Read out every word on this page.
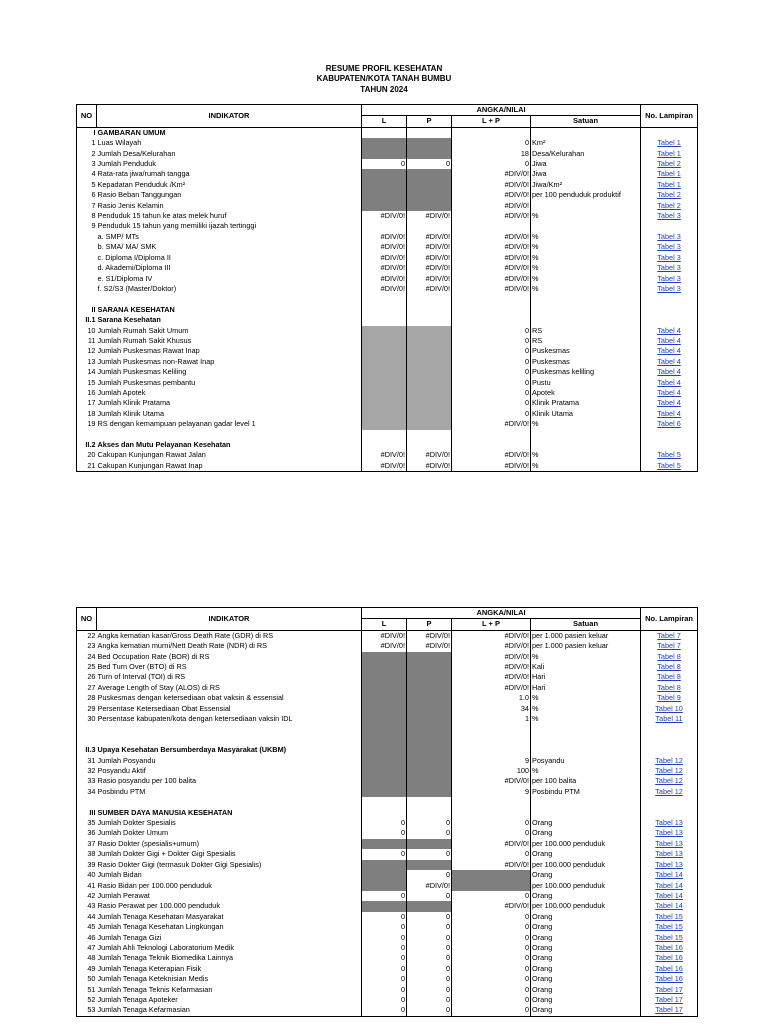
RESUME PROFIL KESEHATAN
KABUPATEN/KOTA TANAH BUMBU
TAHUN 2024
NO	INDIKATOR	ANGKA/NILAI				No. Lampiran
		L	P	L + P	Satuan	
I	GAMBARAN UMUM					
1	Luas Wilayah			0	Km²	Tabel 1
2	Jumlah Desa/Kelurahan			18	Desa/Kelurahan	Tabel 1
3	Jumlah Penduduk	0	0	0	Jiwa	Tabel 2
4	Rata-rata jiwa/rumah tangga			#DIV/0!	Jiwa	Tabel 1
5	Kepadatan Penduduk /Km²			#DIV/0!	Jiwa/Km²	Tabel 1
6	Rasio Beban Tanggungan			#DIV/0!	per 100 penduduk produktif	Tabel 2
7	Rasio Jenis Kelamin			#DIV/0!		Tabel 2
8	Penduduk 15 tahun ke atas melek huruf	#DIV/0!	#DIV/0!	#DIV/0!	%	Tabel 3
9	Penduduk 15 tahun yang memiliki ijazah tertinggi					
	a. SMP/ MTs	#DIV/0!	#DIV/0!	#DIV/0!	%	Tabel 3
	b. SMA/ MA/ SMK	#DIV/0!	#DIV/0!	#DIV/0!	%	Tabel 3
	c. Diploma I/Diploma II	#DIV/0!	#DIV/0!	#DIV/0!	%	Tabel 3
	d. Akademi/Diploma III	#DIV/0!	#DIV/0!	#DIV/0!	%	Tabel 3
	e. S1/Diploma IV	#DIV/0!	#DIV/0!	#DIV/0!	%	Tabel 3
	f. S2/S3 (Master/Doktor)	#DIV/0!	#DIV/0!	#DIV/0!	%	Tabel 3

II	SARANA KESEHATAN					
II.1	Sarana Kesehatan					
10	Jumlah Rumah Sakit Umum			0	RS	Tabel 4
11	Jumlah Rumah Sakit Khusus			0	RS	Tabel 4
12	Jumlah Puskesmas Rawat Inap			0	Puskesmas	Tabel 4
13	Jumlah Puskesmas non-Rawat Inap			0	Puskesmas	Tabel 4
14	Jumlah Puskesmas Keliling			0	Puskesmas keliling	Tabel 4
15	Jumlah Puskesmas pembantu			0	Pustu	Tabel 4
16	Jumlah Apotek			0	Apotek	Tabel 4
17	Jumlah Klinik Pratama			0	Klinik Pratama	Tabel 4
18	Jumlah Klinik Utama			0	Klinik Utama	Tabel 4
19	RS dengan kemampuan pelayanan gadar level 1			#DIV/0!	%	Tabel 6

II.2	Akses dan Mutu Pelayanan Kesehatan					
20	Cakupan Kunjungan Rawat Jalan	#DIV/0!	#DIV/0!	#DIV/0!	%	Tabel 5
21	Cakupan Kunjungan Rawat Inap	#DIV/0!	#DIV/0!	#DIV/0!	%	Tabel 5
NO	INDIKATOR	ANGKA/NILAI				No. Lampiran
		L	P	L + P	Satuan	
22	Angka kematian kasar/Gross Death Rate (GDR) di RS	#DIV/0!	#DIV/0!	#DIV/0!	per 1.000 pasien keluar	Tabel 7
23	Angka kematian murni/Nett Death Rate (NDR) di RS	#DIV/0!	#DIV/0!	#DIV/0!	per 1.000 pasien keluar	Tabel 7
24	Bed Occupation Rate (BOR) di RS			#DIV/0!	%	Tabel 8
25	Bed Turn Over (BTO) di RS			#DIV/0!	Kali	Tabel 8
26	Turn of Interval (TOI) di RS			#DIV/0!	Hari	Tabel 8
27	Average Length of Stay (ALOS) di RS			#DIV/0!	Hari	Tabel 8
28	Puskesmas dengan ketersediaan obat vaksin & essensial			1.0	%	Tabel 9
29	Persentase Ketersediaan Obat Essensial			34	%	Tabel 10
30	Persentase kabupaten/kota dengan ketersediaan vaksin IDL			1	%	Tabel 11

II.3	Upaya Kesehatan Bersumberdaya Masyarakat (UKBM)					
31	Jumlah Posyandu			9	Posyandu	Tabel 12
32	Posyandu Aktif			100	%	Tabel 12
33	Rasio posyandu per 100 balita			#DIV/0!	per 100 balita	Tabel 12
34	Posbindu PTM			9	Posbindu PTM	Tabel 12

III	SUMBER DAYA MANUSIA KESEHATAN					
35	Jumlah Dokter Spesialis	0	0	0	Orang	Tabel 13
36	Jumlah Dokter Umum	0	0	0	Orang	Tabel 13
37	Rasio Dokter (spesialis+umum)			#DIV/0!	per 100.000 penduduk	Tabel 13
38	Jumlah Dokter Gigi + Dokter Gigi Spesialis	0	0	0	Orang	Tabel 13
39	Rasio Dokter Gigi (termasuk Dokter Gigi Spesialis)			#DIV/0!	per 100.000 penduduk	Tabel 13
40	Jumlah Bidan		0		Orang	Tabel 14
41	Rasio Bidan per 100.000 penduduk		#DIV/0!		per 100.000 penduduk	Tabel 14
42	Jumlah Perawat	0	0	0	Orang	Tabel 14
43	Rasio Perawat per 100.000 penduduk			#DIV/0!	per 100.000 penduduk	Tabel 14
44	Jumlah Tenaga Kesehatan Masyarakat	0	0	0	Orang	Tabel 15
45	Jumlah Tenaga Kesehatan Lingkungan	0	0	0	Orang	Tabel 15
46	Jumlah Tenaga Gizi	0	0	0	Orang	Tabel 15
47	Jumlah Ahli Teknologi Laboratorium Medik	0	0	0	Orang	Tabel 16
48	Jumlah Tenaga Teknik Biomedika Lainnya	0	0	0	Orang	Tabel 16
49	Jumlah Tenaga Keterapian Fisik	0	0	0	Orang	Tabel 16
50	Jumlah Tenaga Keteknisian Medis	0	0	0	Orang	Tabel 16
51	Jumlah Tenaga Teknis Kefarmasian	0	0	0	Orang	Tabel 17
52	Jumlah Tenaga Apoteker	0	0	0	Orang	Tabel 17
53	Jumlah Tenaga Kefarmasian	0	0	0	Orang	Tabel 17
